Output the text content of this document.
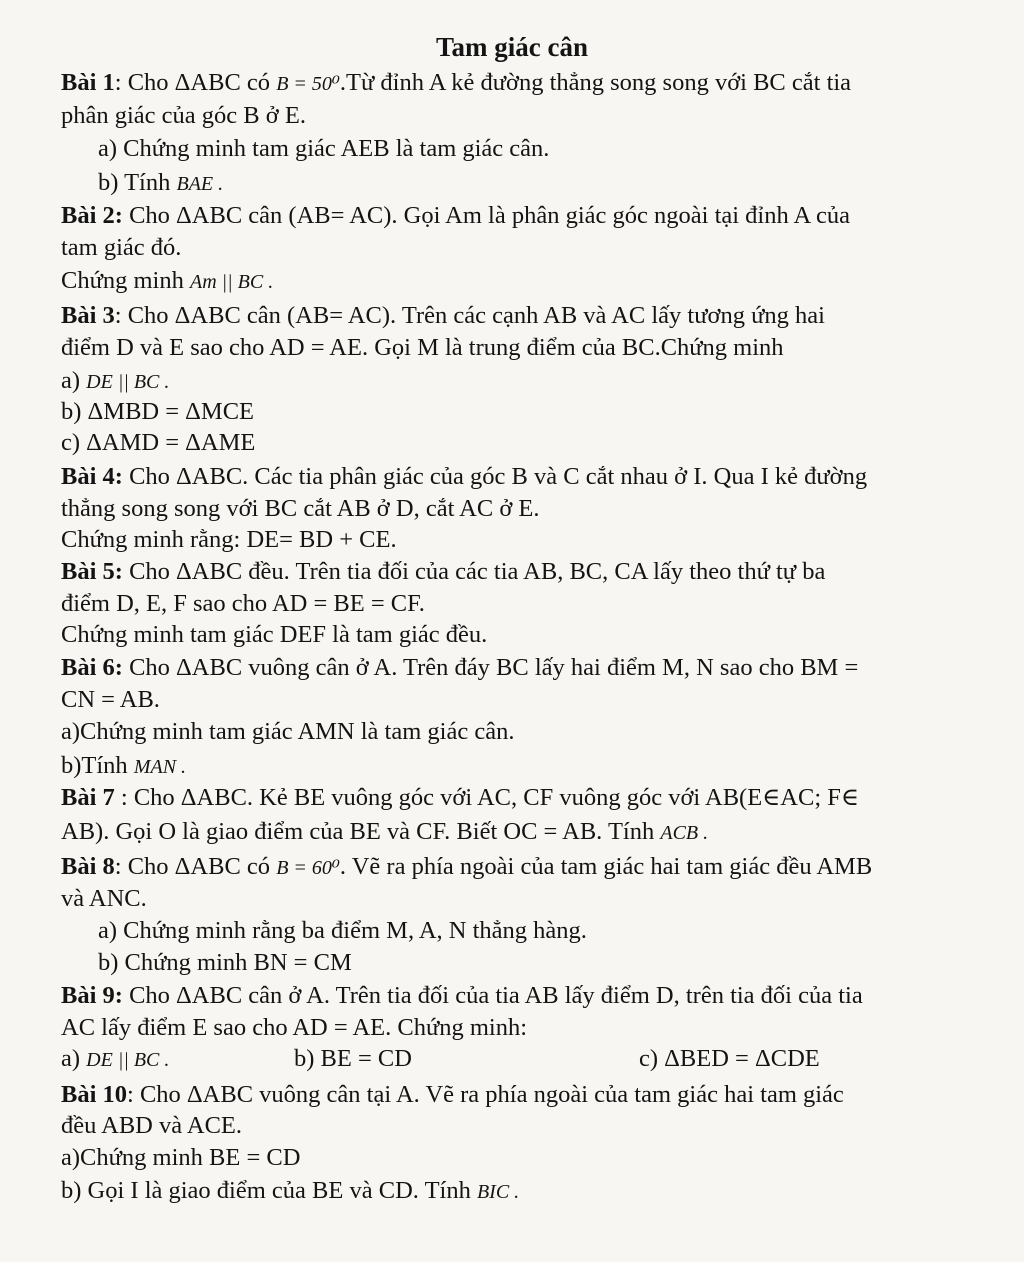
Tam giác cân
Bài 1: Cho ΔABC có B = 50⁰.Từ đỉnh A kẻ đường thẳng song song với BC cắt tia
phân giác của góc B ở E.
a) Chứng minh tam giác AEB là tam giác cân.
b) Tính BAE .
Bài 2: Cho ΔABC cân (AB= AC). Gọi Am là phân giác góc ngoài tại đỉnh A của
tam giác đó.
Chứng minh Am || BC .
Bài 3: Cho ΔABC cân (AB= AC). Trên các cạnh AB và AC lấy tương ứng hai
điểm D và E sao cho AD = AE. Gọi M là trung điểm của BC.Chứng minh
a) DE || BC .
b) ΔMBD = ΔMCE
c) ΔAMD = ΔAME
Bài 4: Cho ΔABC. Các tia phân giác của góc B và C cắt nhau ở I. Qua I kẻ đường
thẳng song song với BC cắt AB ở D, cắt AC ở E.
Chứng minh rằng: DE= BD + CE.
Bài 5: Cho ΔABC đều. Trên tia đối của các tia AB, BC, CA lấy theo thứ tự ba
điểm D, E, F sao cho AD = BE = CF.
Chứng minh tam giác DEF là tam giác đều.
Bài 6: Cho ΔABC vuông cân ở A. Trên đáy BC lấy hai điểm M, N sao cho BM =
CN = AB.
a)Chứng minh tam giác AMN là tam giác cân.
b)Tính MAN .
Bài 7 : Cho ΔABC. Kẻ BE vuông góc với AC, CF vuông góc với AB(E∈AC; F∈
AB). Gọi O là giao điểm của BE và CF. Biết OC = AB. Tính ACB .
Bài 8: Cho ΔABC có B = 60⁰. Vẽ ra phía ngoài của tam giác hai tam giác đều AMB
và ANC.
a) Chứng minh rằng ba điểm M, A, N thẳng hàng.
b) Chứng minh BN = CM
Bài 9: Cho ΔABC cân ở A. Trên tia đối của tia AB lấy điểm D, trên tia đối của tia
AC lấy điểm E sao cho AD = AE. Chứng minh:
a) DE || BC .	b) BE = CD	c) ΔBED = ΔCDE
Bài 10: Cho ΔABC vuông cân tại A. Vẽ ra phía ngoài của tam giác hai tam giác
đều ABD và ACE.
a)Chứng minh BE = CD
b) Gọi I là giao điểm của BE và CD. Tính BIC .
